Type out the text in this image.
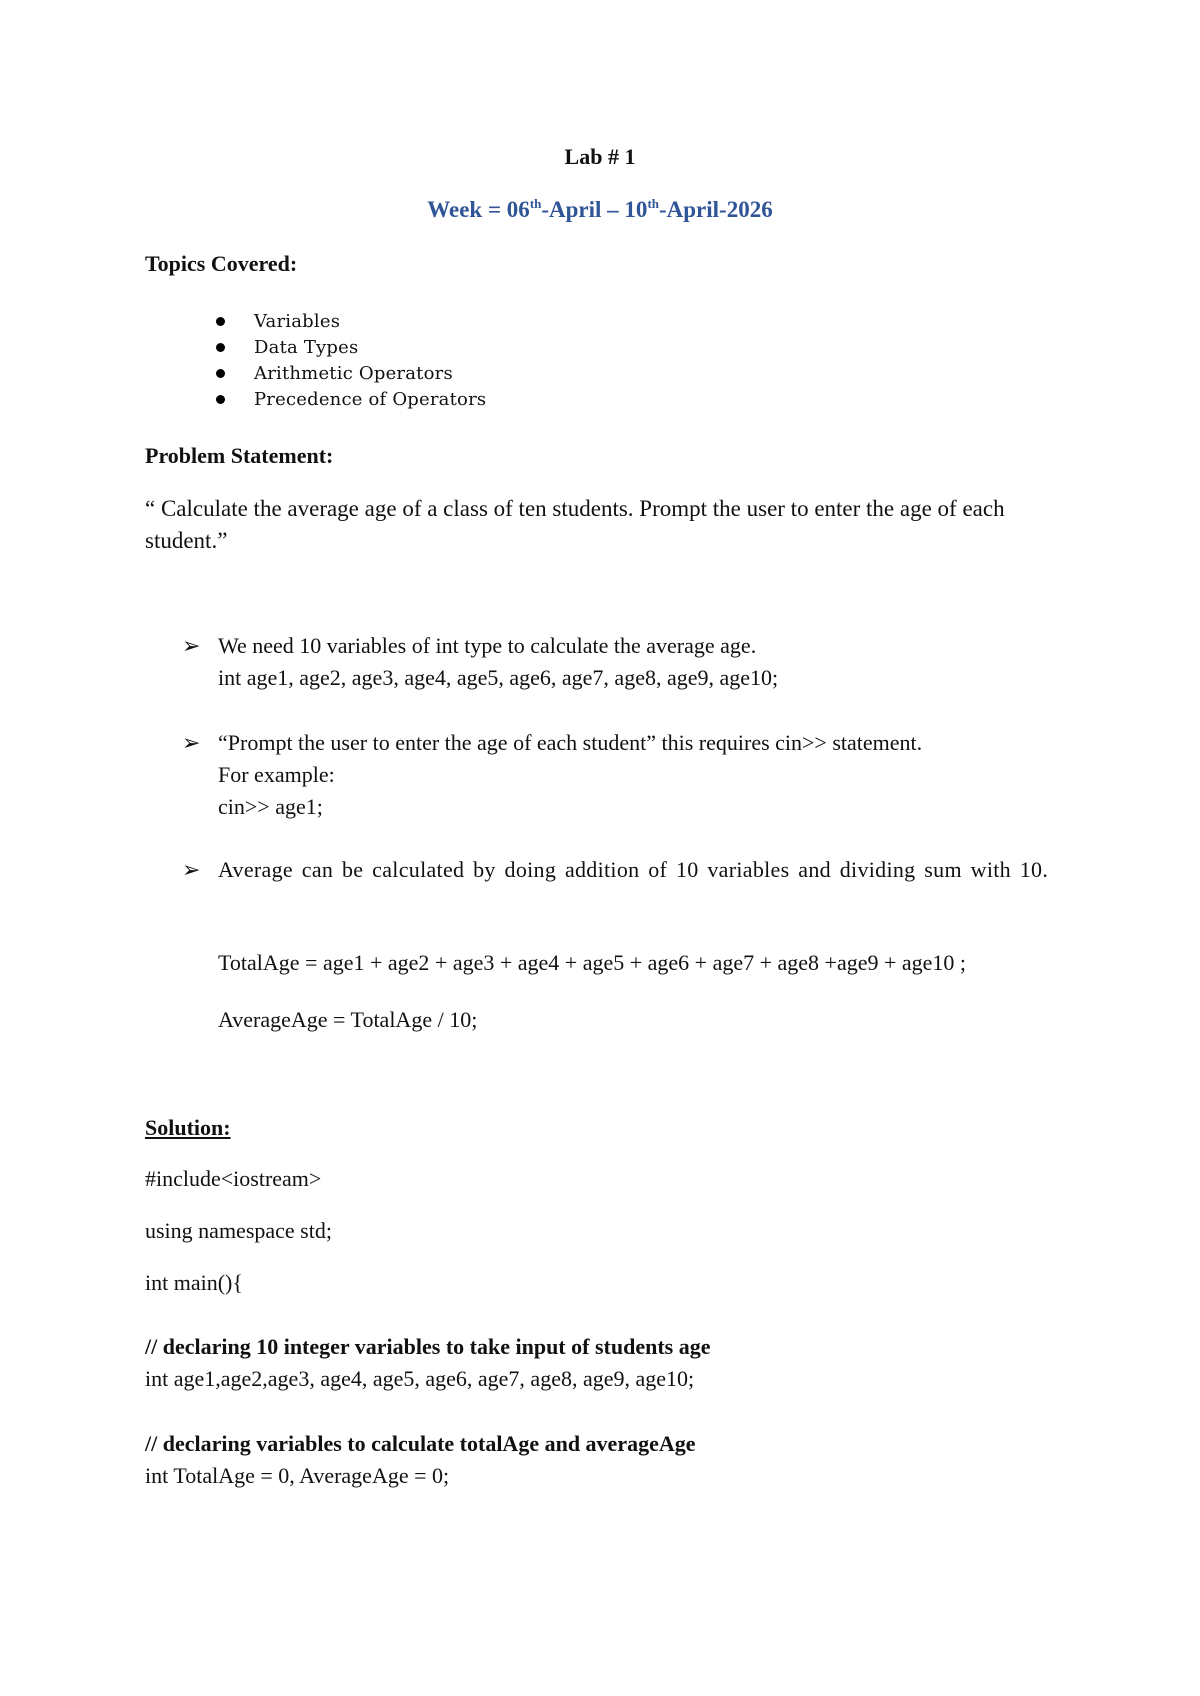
Lab # 1
Week = 06th-April – 10th-April-2026
Topics Covered:
Variables
Data Types
Arithmetic Operators
Precedence of Operators
Problem Statement:
“ Calculate the average age of a class of ten students. Prompt the user to enter the age of each student.”
➢ We need 10 variables of int type to calculate the average age.
int age1, age2, age3, age4, age5, age6, age7, age8, age9, age10;
➢ “Prompt the user to enter the age of each student” this requires cin>> statement.
For example:
cin>> age1;
➢ Average can be calculated by doing addition of 10 variables and dividing sum with 10.
TotalAge = age1 + age2 + age3 + age4 + age5 + age6 + age7 + age8 +age9 + age10 ;
AverageAge = TotalAge / 10;
Solution:
#include<iostream>
using namespace std;
int main(){
// declaring 10 integer variables to take input of students age
int age1,age2,age3, age4, age5, age6, age7, age8, age9, age10;
// declaring variables to calculate totalAge and averageAge
int TotalAge = 0, AverageAge = 0;
